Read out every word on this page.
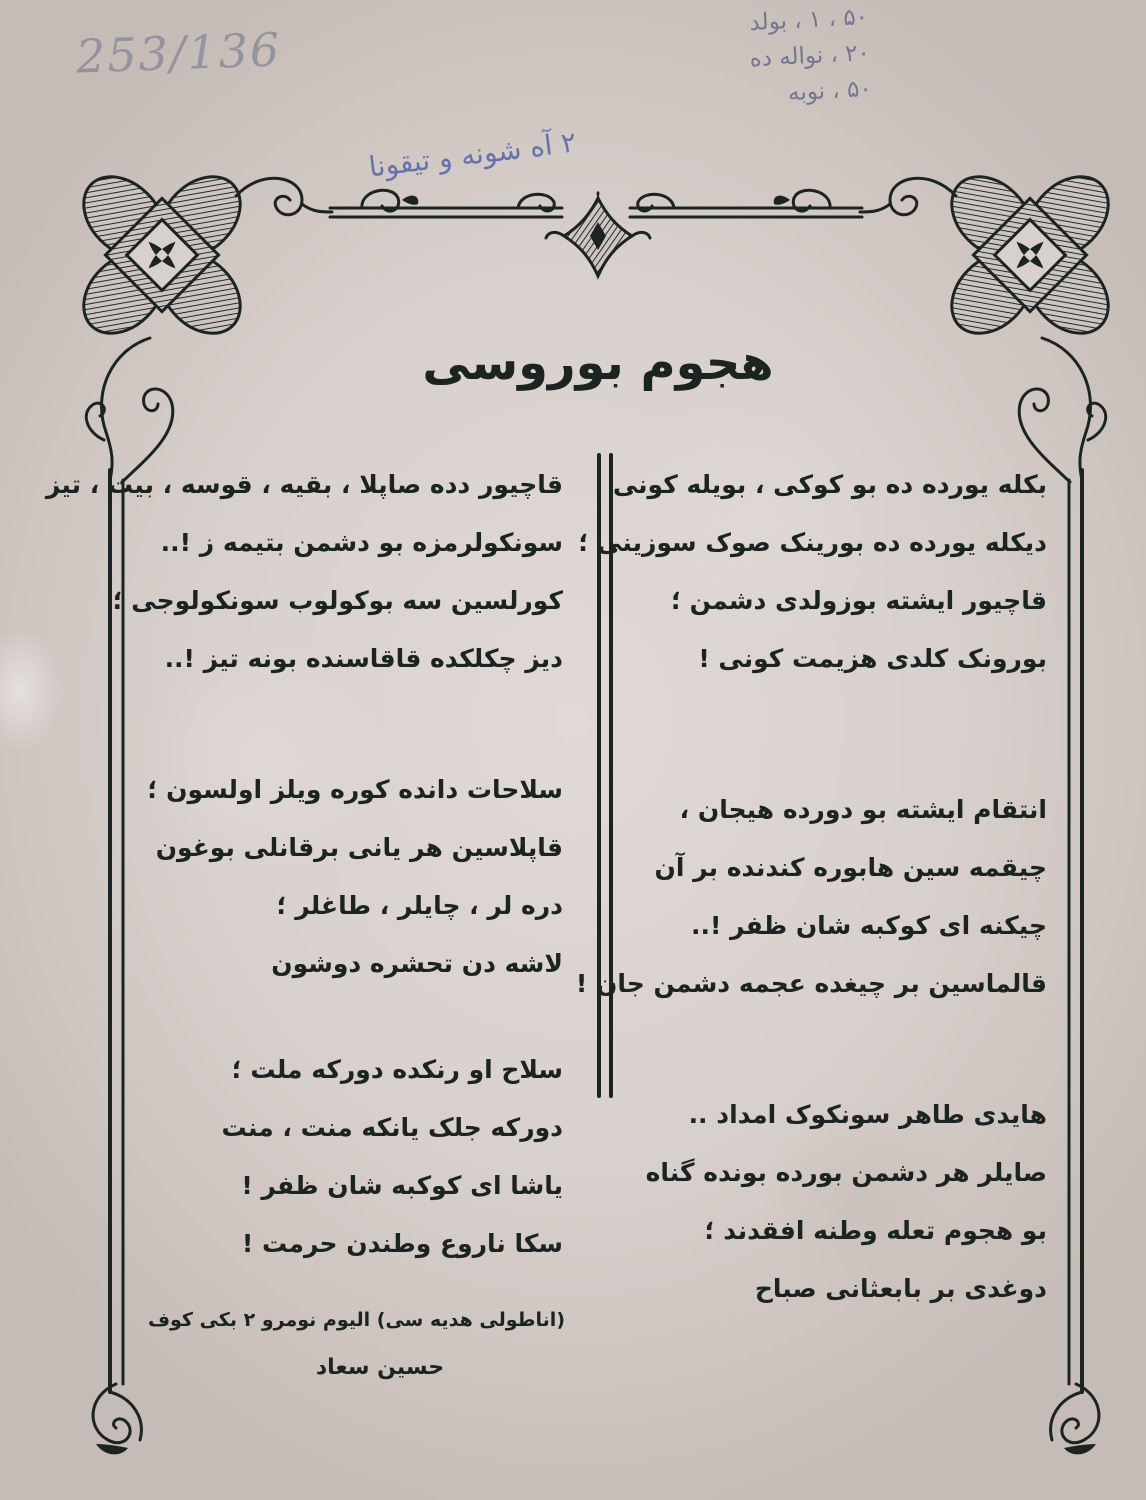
253/136
۵۰ ، ۱ ، بولد
۲۰ ، نواله ده
۵۰ ، نوبه
۲ آه شونه و تیقونا
هجوم بوروسی
بکله یورده ده بو کوکی ، بویله کونی
دیکله یورده ده بورینک صوک سوزینی ؛
قاچیور ایشته بوزولدی دشمن ؛
بورونک کلدی هزیمت کونی !
انتقام ایشته بو دورده هیجان ،
چیقمه سین هابوره کندنده بر آن
چیکنه ای کوکبه شان ظفر !..
قالماسین بر چیغده عجمه دشمن جان !
هایدی طاهر سونکوک امداد ..
صایلر هر دشمن بورده بونده گناه
بو هجوم تعله وطنه افقدند ؛
دوغدی بر بابعثانی صباح
قاچیور دده صاپلا ، بقیه ، قوسه ، بیت ، تیز
سونکولرمزه بو دشمن بتیمه ز !..
کورلسین سه بوکولوب سونکولوجی ؛
دیز چکلکده قاقاسنده بونه تیز !..
سلاحات دانده کوره ویلز اولسون ؛
قاپلاسین هر یانی برقانلی بوغون
دره لر ، چایلر ، طاغلر ؛
لاشه دن تحشره دوشون
سلاح او رنکده دورکه ملت ؛
دورکه جلک یانکه منت ، منت
یاشا ای کوکبه شان ظفر !
سکا ناروع وطندن حرمت !
(اناطولی هدیه سی) الیوم نومرو ۲ بکی کوف
حسین سعاد
